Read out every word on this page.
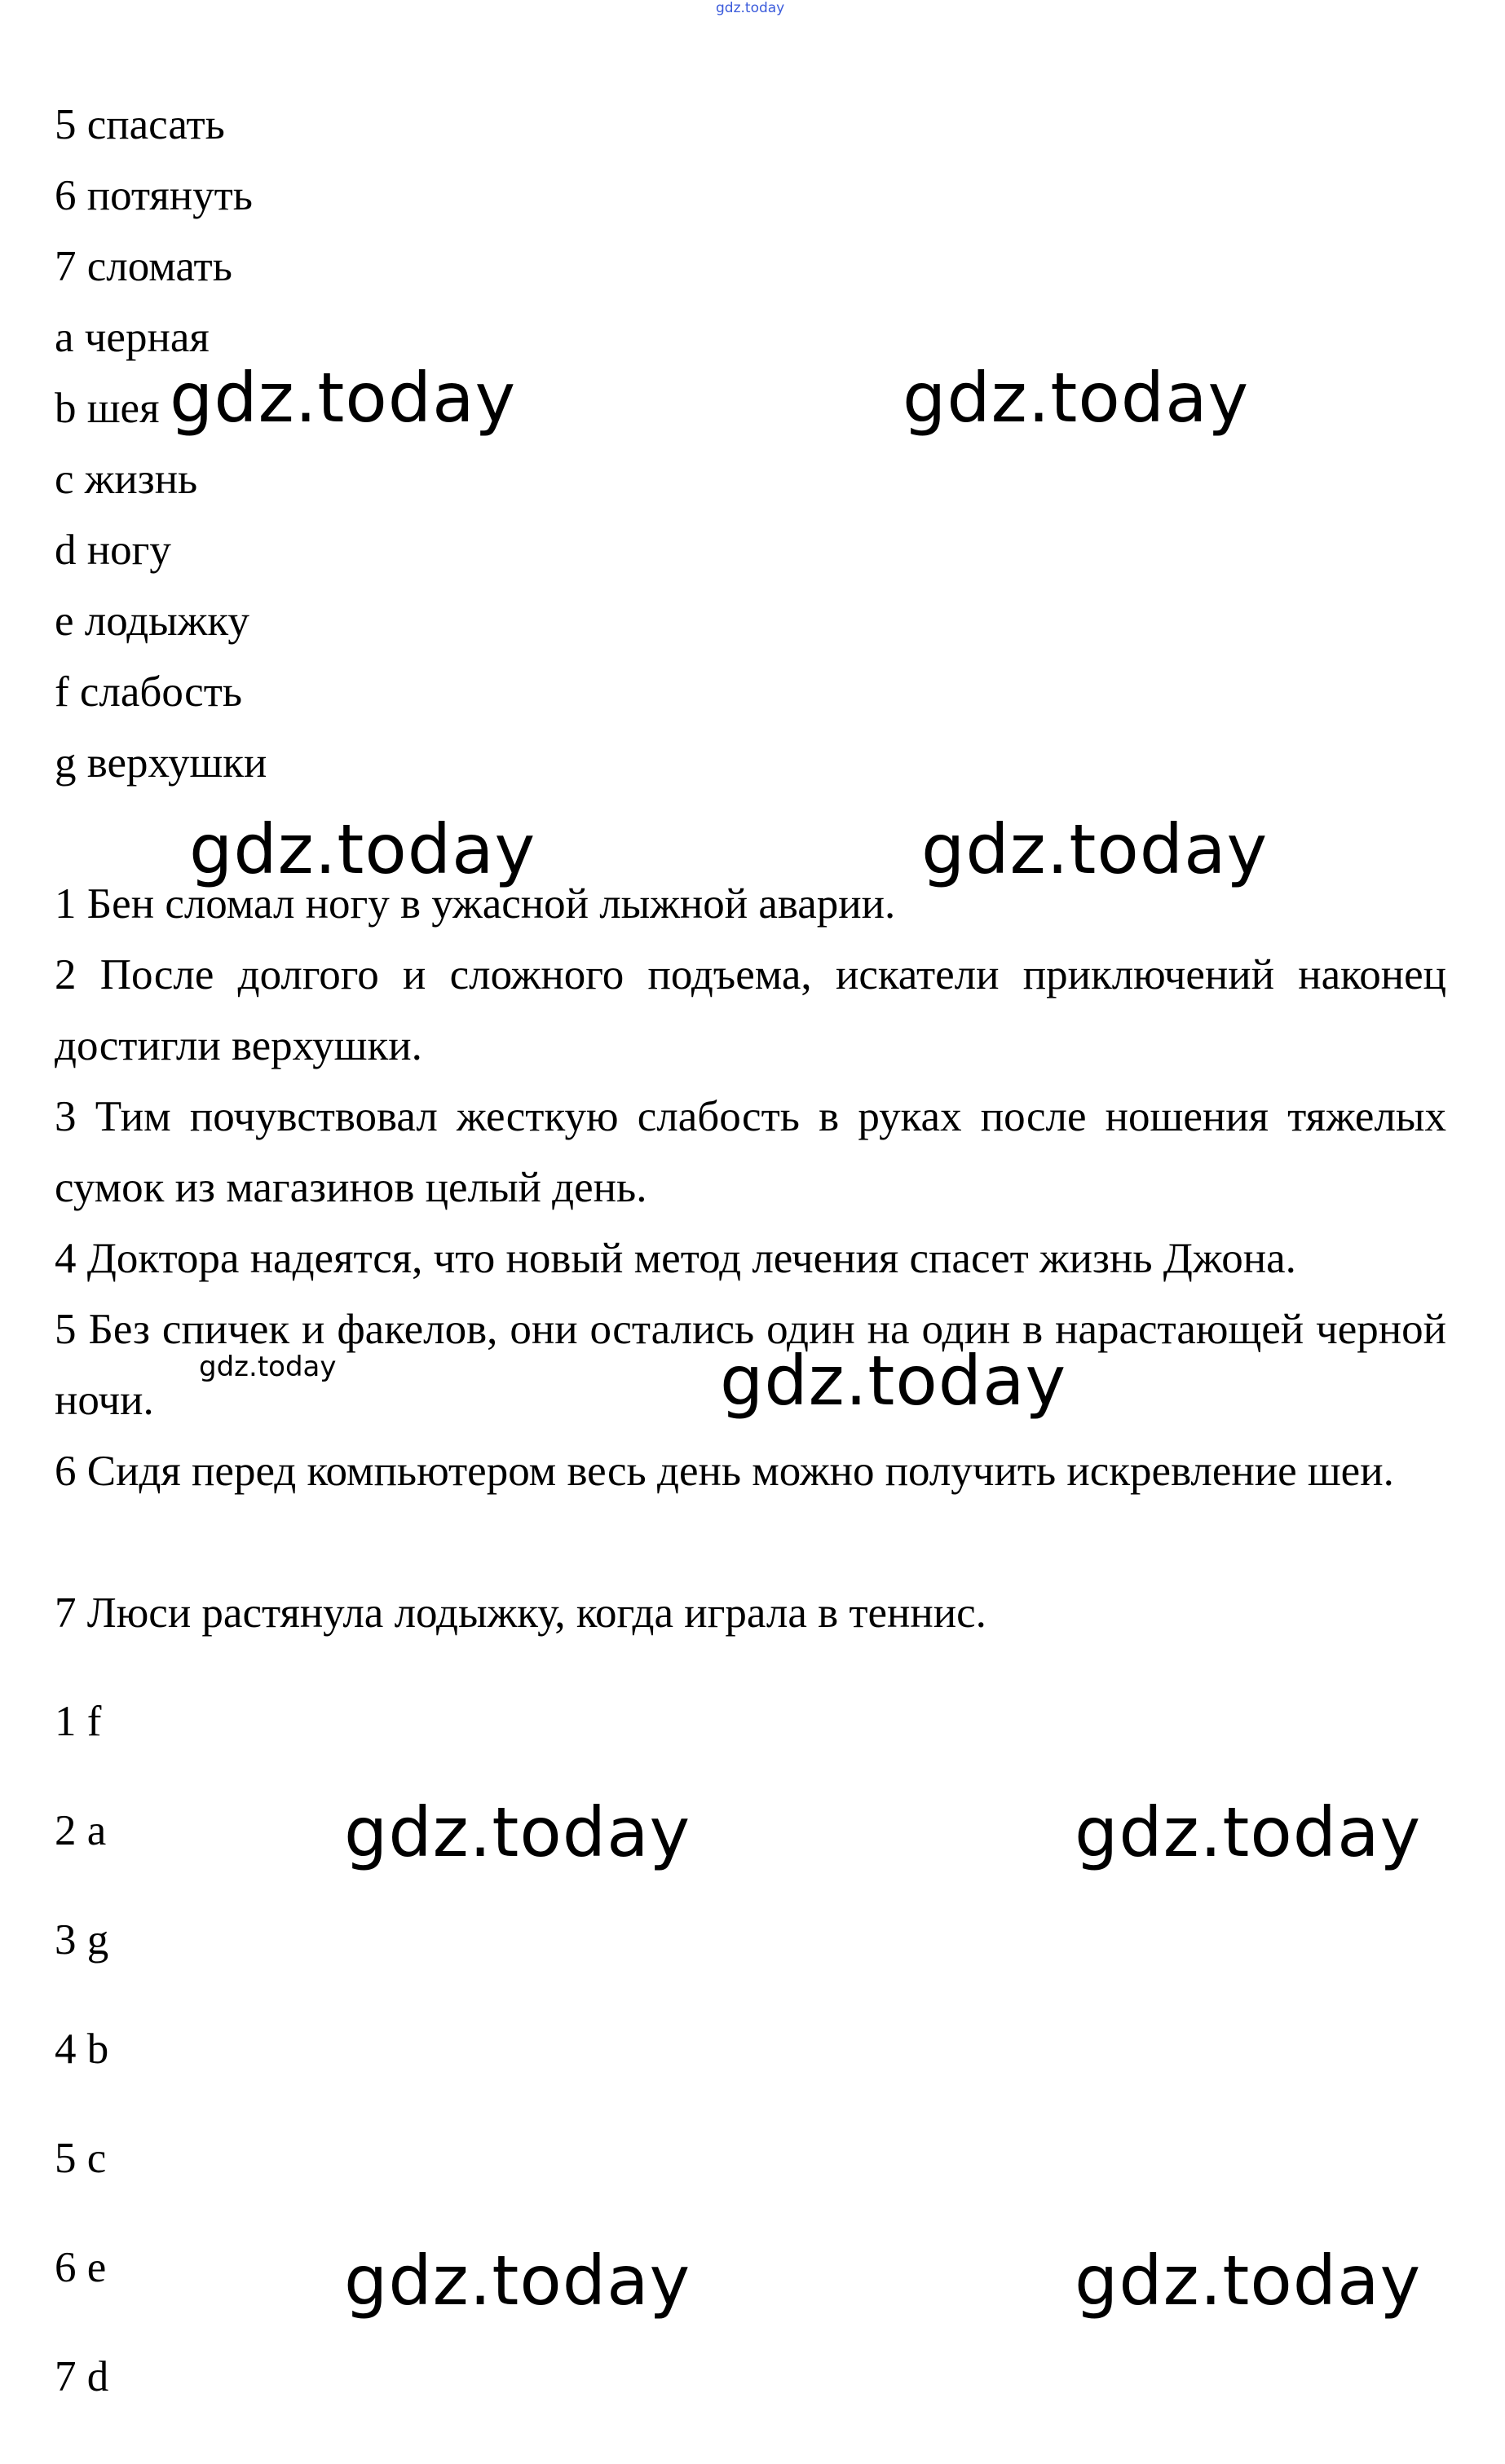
gdz.today
5 спасать
6 потянуть
7 сломать
a черная
b шея
c жизнь
d ногу
e лодыжку
f слабость
g верхушки
1 Бен сломал ногу в ужасной лыжной аварии.
2 После долгого и сложного подъема, искатели приключений наконец достигли верхушки.
3 Тим почувствовал жесткую слабость в руках после ношения тяжелых сумок из магазинов целый день.
4 Доктора надеятся, что новый метод лечения спасет жизнь Джона.
5 Без спичек и факелов, они остались один на один в нарастающей черной ночи.
6 Сидя перед компьютером весь день можно получить искревление шеи.
7 Люси растянула лодыжку, когда играла в теннис.
1 f
2 a
3 g
4 b
5 c
6 e
7 d
gdz.today	gdz.today
gdz.today	gdz.today
gdz.today	gdz.today
gdz.today	gdz.today
gdz.today	gdz.today
